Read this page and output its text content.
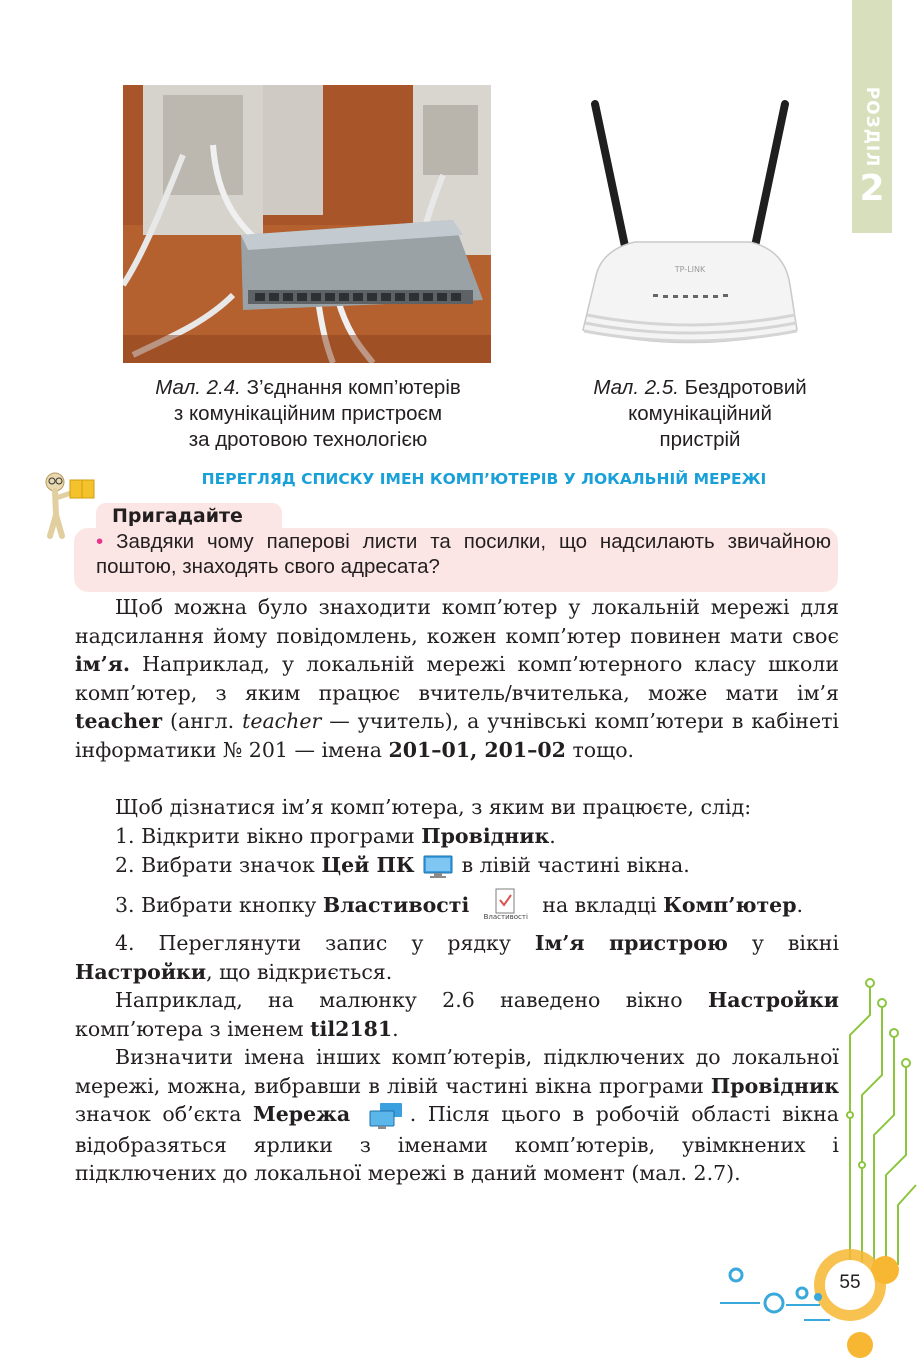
РОЗДІЛ
2
TP-LINK
Мал. 2.4. З’єднання комп’ютерів
з комунікаційним пристроєм
за дротовою технологією
Мал. 2.5. Бездротовий
комунікаційний
пристрій
ПЕРЕГЛЯД СПИСКУ ІМЕН КОМП’ЮТЕРІВ У ЛОКАЛЬНІЙ МЕРЕЖІ
Пригадайте
• Завдяки чому паперові листи та посилки, що надсилають звичайною поштою, знаходять свого адресата?
Щоб можна було знаходити комп’ютер у локальній мережі для надсилання йому повідомлень, кожен комп’ютер повинен мати своє ім’я. Наприклад, у локальній мережі комп’ютерного класу школи комп’ютер, з яким працює вчитель/вчителька, може мати ім’я teacher (англ. teacher — учитель), а учнівські комп’ютери в кабінеті інформатики № 201 — імена 201–01, 201–02 тощо.
Щоб дізнатися ім’я комп’ютера, з яким ви працюєте, слід:
1. Відкрити вікно програми Провідник.
2. Вибрати значок Цей ПК  в лівій частині вікна.
3. Вибрати кнопку Властивості	Властивості на вкладці Комп’ютер.
4. Переглянути запис у рядку Ім’я пристрою у вікні Настройки, що відкриється.
Наприклад, на малюнку 2.6 наведено вікно Настройки комп’ютера з іменем til2181.
Визначити імена інших комп’ютерів, підключених до локальної мережі, можна, вибравши в лівій частині вікна програми Провідник значок об’єкта Мережа	. Після цього в робочій області вікна відобразяться ярлики з іменами комп’ютерів, увімкнених і підключених до локальної мережі в даний момент (мал. 2.7).
55
